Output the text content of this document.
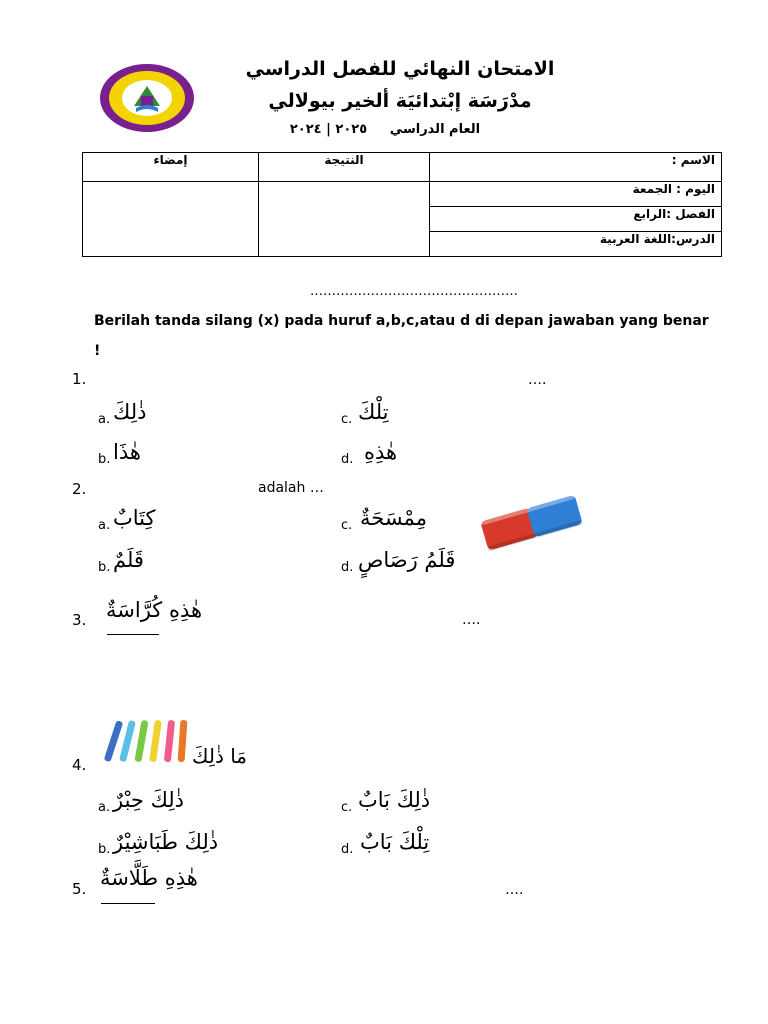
الامتحان النهائي للفصل الدراسي
مدْرَسَة إبْتدائيَة ألخير بيولالي
العام الدراسي     ٢٠٢٥ | ٢٠٢٤
إمضاء	النتيجة	الاسم :
		اليوم : الجمعة
		الفصل :الرابع
		الدرس:اللغة العربية
…………………………………………
Berilah tanda silang (x) pada huruf a,b,c,atau d di depan jawaban yang benar !
1.	….
a. ذٰلِكَ
b. هٰذَا
c. تِلْكَ
d. هٰذِهِ
2.	adalah …
a. كِتَابٌ
b. قَلَمٌ
c. مِمْسَحَةٌ
d. قَلَمُ رَصَاصٍ
3. هٰذِهِ كُرَّاسَةٌ	….
4.	مَا ذٰلِكَ
a. ذٰلِكَ حِبْرٌ
b. ذٰلِكَ طَبَاشِيْرٌ
c. ذٰلِكَ بَابٌ
d. تِلْكَ بَابٌ
5. هٰذِهِ طَلَّاسَةٌ	….
